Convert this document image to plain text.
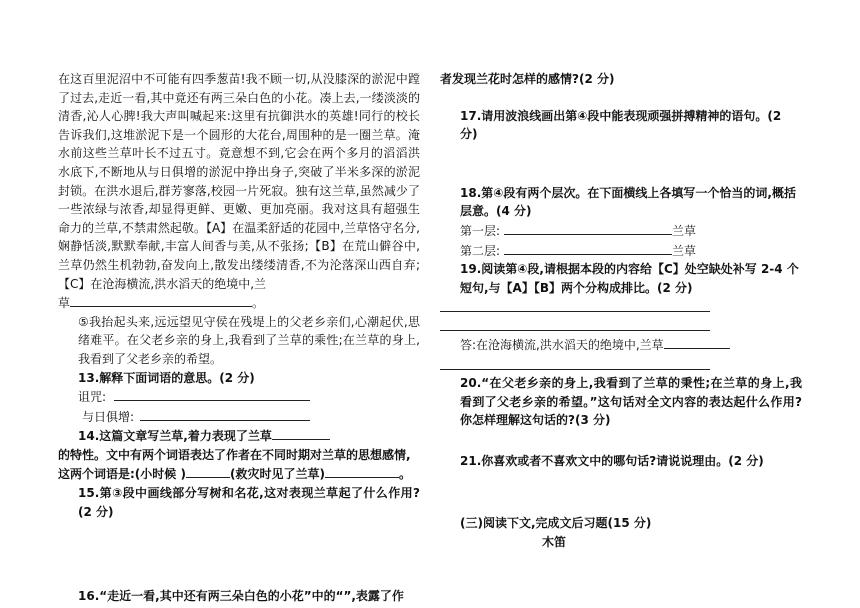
在这百里泥沼中不可能有四季葱苗!我不顾一切,从没膝深的淤泥中蹚了过去,走近一看,其中竟还有两三朵白色的小花。凑上去,一缕淡淡的清香,沁人心脾!我大声叫喊起来:这里有抗御洪水的英雄!同行的校长告诉我们,这堆淤泥下是一个圆形的大花台,周围种的是一圈兰草。淹水前这些兰草叶长不过五寸。竟意想不到,它会在两个多月的滔滔洪水底下,不断地从与日俱增的淤泥中挣出身子,突破了半米多深的淤泥封锁。在洪水退后,群芳寥落,校园一片死寂。独有这兰草,虽然减少了一些浓绿与浓香,却显得更鲜、更嫩、更加亮丽。我对这具有超强生命力的兰草,不禁肃然起敬。【A】在温柔舒适的花园中,兰草恪守名分,娴静恬淡,默默奉献,丰富人间香与美,从不张扬;【B】在荒山僻谷中,兰草仍然生机勃勃,奋发向上,散发出缕缕清香,不为沦落深山西自弃;【C】在沧海横流,洪水滔天的绝境中,兰

草	。

⑤我抬起头来,远远望见守侯在残堤上的父老乡亲们,心潮起伏,思绪难平。在父老乡亲的身上,我看到了兰草的乘性;在兰草的身上,我看到了父老乡亲的希望。

13.解释下面词语的意思。(2 分)

诅咒:

与日俱增:

14.这篇文章写兰草,着力表现了兰草

的特性。文中有两个词语表达了作者在不同时期对兰草的思想感情,这两个词语是:(小时候 )	(救灾时见了兰草)	。

15.第③段中画线部分写树和名花,这对表现兰草起了什么作用?(2 分)

16.“走近一看,其中还有两三朵白色的小花”中的“”,表露了作

者发现兰花时怎样的感情?(2 分)

17.请用波浪线画出第④段中能表现顽强拼搏精神的语句。(2 分)

18.第④段有两个层次。在下面横线上各填写一个恰当的词,概括层意。(4 分)

第一层:	兰草

第二层:	兰草

19.阅读第④段,请根据本段的内容给【C】处空缺处补写 2-4 个短句,与【A】【B】两个分构成排比。(2 分)

答:在沧海横流,洪水滔天的绝境中,兰草

20.“在父老乡亲的身上,我看到了兰草的秉性;在兰草的身上,我看到了父老乡亲的希望。”这句话对全文内容的表达起什么作用?你怎样理解这句话的?(3 分)

21.你喜欢或者不喜欢文中的哪句话?请说说理由。(2 分)

(三)阅读下文,完成文后习题(15 分)

木笛
